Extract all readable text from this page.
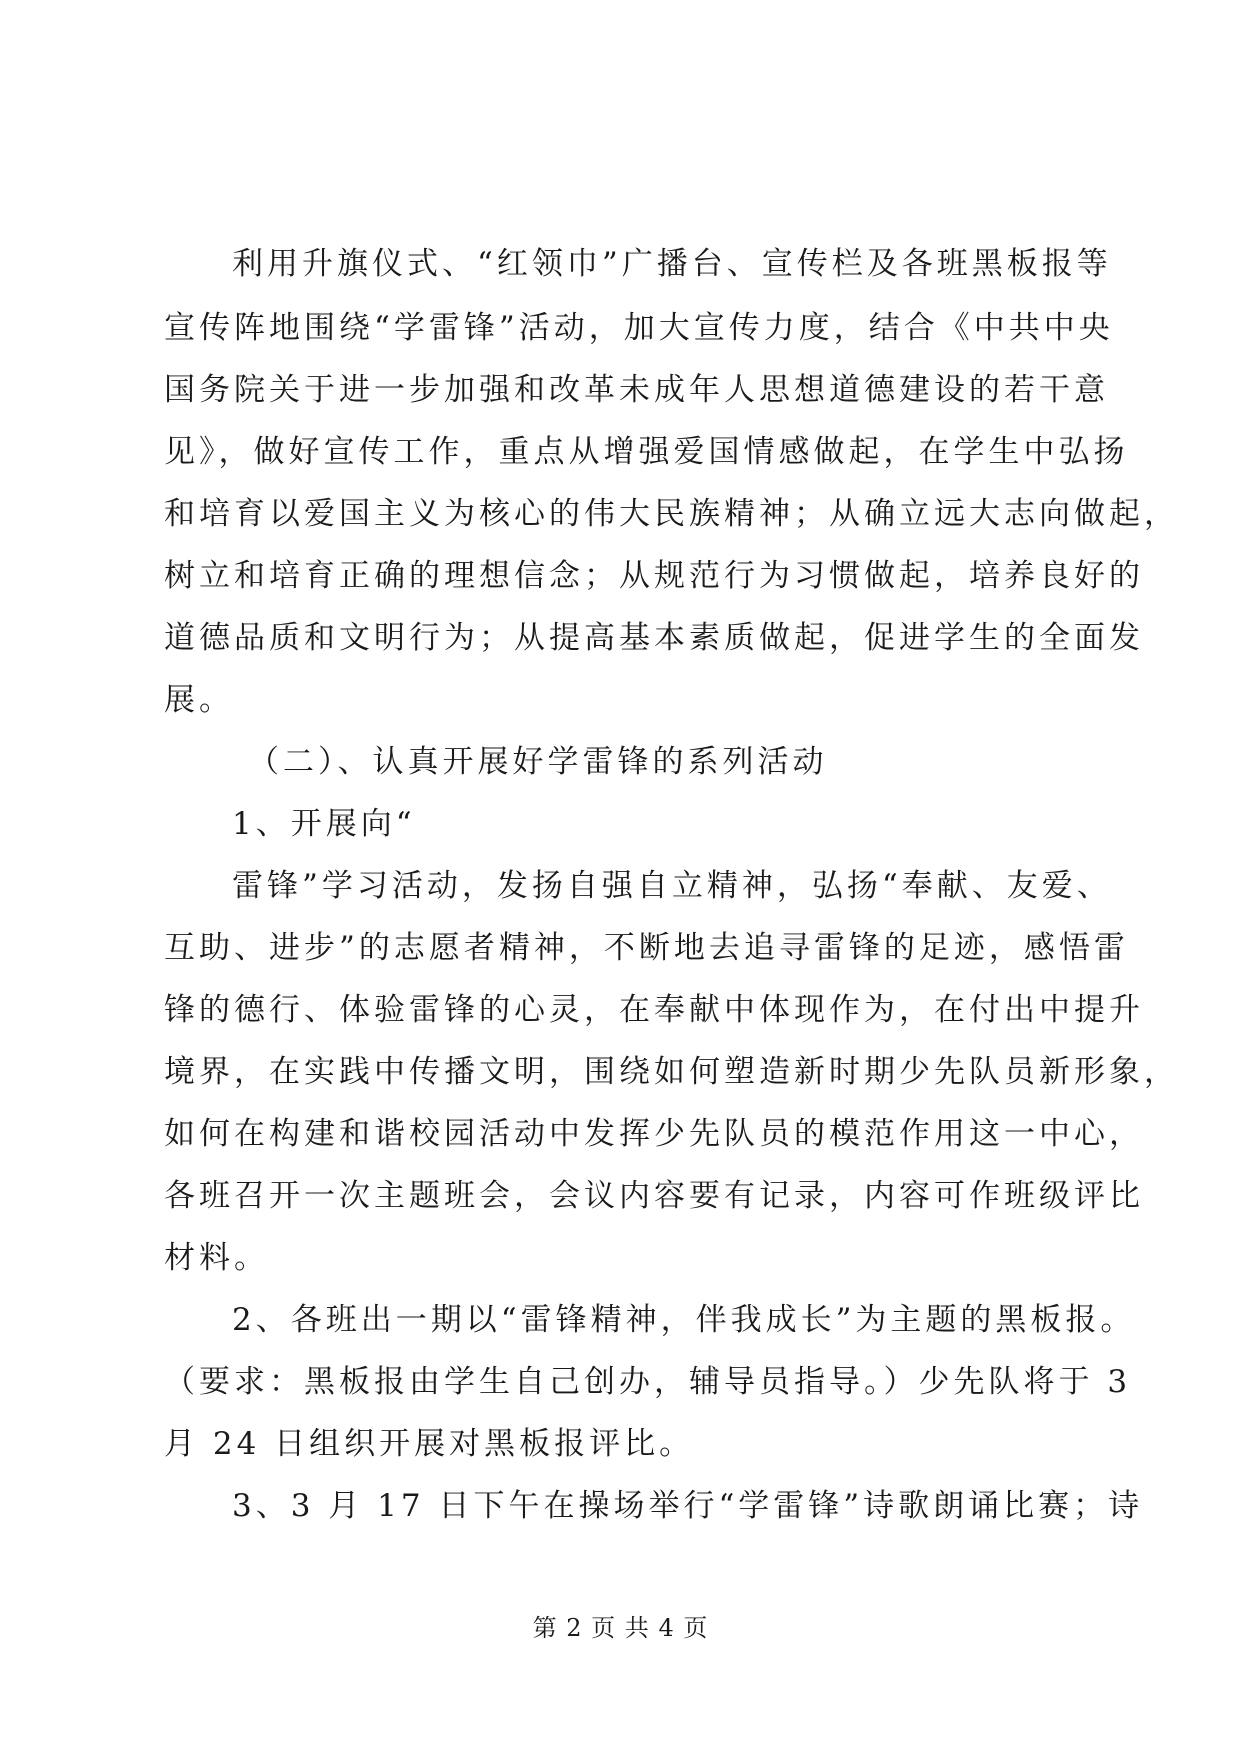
利用升旗仪式、“红领巾”广播台、宣传栏及各班黑板报等
宣传阵地围绕“学雷锋”活动，加大宣传力度，结合《中共中央
国务院关于进一步加强和改革未成年人思想道德建设的若干意
见》，做好宣传工作，重点从增强爱国情感做起，在学生中弘扬
和培育以爱国主义为核心的伟大民族精神；从确立远大志向做起，
树立和培育正确的理想信念；从规范行为习惯做起，培养良好的
道德品质和文明行为；从提高基本素质做起，促进学生的全面发
展。
（二）、认真开展好学雷锋的系列活动
1、开展向“
雷锋”学习活动，发扬自强自立精神，弘扬“奉献、友爱、
互助、进步”的志愿者精神，不断地去追寻雷锋的足迹，感悟雷
锋的德行、体验雷锋的心灵，在奉献中体现作为，在付出中提升
境界，在实践中传播文明，围绕如何塑造新时期少先队员新形象，
如何在构建和谐校园活动中发挥少先队员的模范作用这一中心，
各班召开一次主题班会，会议内容要有记录，内容可作班级评比
材料。
2、各班出一期以“雷锋精神，伴我成长”为主题的黑板报。
（要求：黑板报由学生自己创办，辅导员指导。）少先队将于 3
月 24 日组织开展对黑板报评比。
3、3 月 17 日下午在操场举行“学雷锋”诗歌朗诵比赛；诗
第 2 页 共 4 页
